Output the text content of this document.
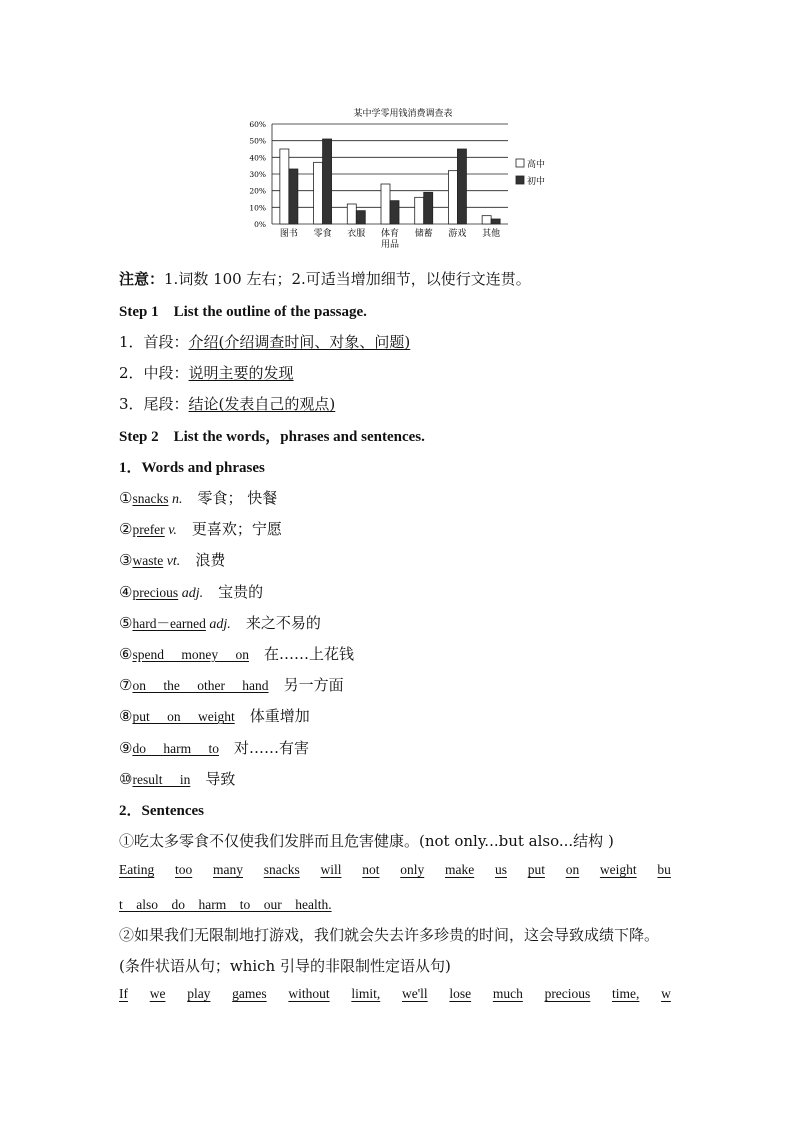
某中学零用钱消费调查表
0%
10%
20%
30%
40%
50%
60%
图书 零食 衣服 体育
用品
储蓄 游戏 其他
高中
初中
注意：1.词数 100 左右；2.可适当增加细节，以使行文连贯。
Step 1　List the outline of the passage.
1．首段：介绍(介绍调查时间、对象、问题)
2．中段：说明主要的发现
3．尾段：结论(发表自己的观点)
Step 2　List the words，phrases and sentences.
1．Words and phrases
①snacks n.　零食； 快餐
②prefer v.　更喜欢；宁愿
③waste vt.　浪费
④precious adj.　宝贵的
⑤hard－earned adj.　来之不易的
⑥spend money on　在……上花钱
⑦on the other hand　另一方面
⑧put on weight　体重增加
⑨do harm to　对……有害
⑩result in　导致
2．Sentences
①吃太多零食不仅使我们发胖而且危害健康。(not only...but also...结构 )
Eating too many snacks will not only make us put on weight bu
t　also　do　harm　to　our　health.
②如果我们无限制地打游戏，我们就会失去许多珍贵的时间，这会导致成绩下降。
(条件状语从句；which 引导的非限制性定语从句)
If we play games without limit, we'll lose much precious time, w
